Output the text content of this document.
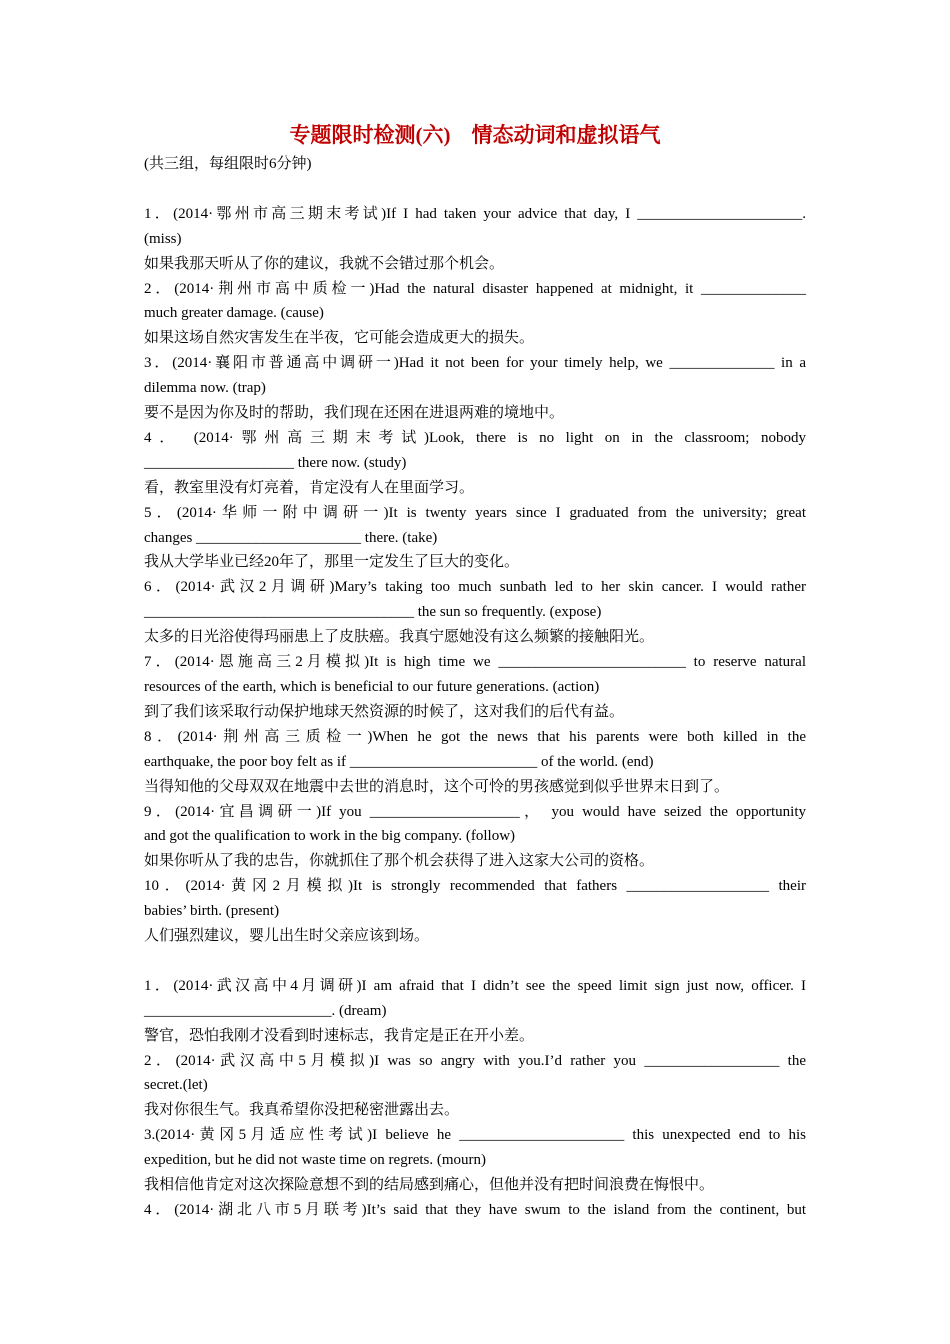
专题限时检测(六)　情态动词和虚拟语气
(共三组，每组限时6分钟)
1．(2014·鄂州市高三期末考试)If I had taken your advice that day, I ______________________.
(miss)
如果我那天听从了你的建议，我就不会错过那个机会。
2．(2014·荆州市高中质检一)Had the natural disaster happened at midnight, it ______________
much greater damage. (cause)
如果这场自然灾害发生在半夜，它可能会造成更大的损失。
3．(2014·襄阳市普通高中调研一)Had it not been for your timely help, we ______________ in a
dilemma now. (trap)
要不是因为你及时的帮助，我们现在还困在进退两难的境地中。
4． (2014·鄂州高三期末考试)Look, there is no light on in the classroom; nobody
____________________ there now. (study)
看，教室里没有灯亮着，肯定没有人在里面学习。
5．(2014·华师一附中调研一)It is twenty years since I graduated from the university; great
changes ______________________ there. (take)
我从大学毕业已经20年了，那里一定发生了巨大的变化。
6．(2014·武汉2月调研)Mary’s taking too much sunbath led to her skin cancer. I would rather
____________________________________ the sun so frequently. (expose)
太多的日光浴使得玛丽患上了皮肤癌。我真宁愿她没有这么频繁的接触阳光。
7．(2014·恩施高三2月模拟)It is high time we _________________________ to reserve natural
resources of the earth, which is beneficial to our future generations. (action)
到了我们该采取行动保护地球天然资源的时候了，这对我们的后代有益。
8．(2014·荆州高三质检一)When he got the news that his parents were both killed in the
earthquake, the poor boy felt as if _________________________ of the world. (end)
当得知他的父母双双在地震中去世的消息时，这个可怜的男孩感觉到似乎世界末日到了。
9．(2014·宜昌调研一)If you ____________________， you would have seized the opportunity
and got the qualification to work in the big company. (follow)
如果你听从了我的忠告，你就抓住了那个机会获得了进入这家大公司的资格。
10．(2014·黄冈2月模拟)It is strongly recommended that fathers ___________________ their
babies’ birth. (present)
人们强烈建议，婴儿出生时父亲应该到场。
1．(2014·武汉高中4月调研)I am afraid that I didn’t see the speed limit sign just now, officer. I
_________________________. (dream)
警官，恐怕我刚才没看到时速标志，我肯定是正在开小差。
2．(2014·武汉高中5月模拟)I was so angry with you.I’d rather you __________________ the
secret.(let)
我对你很生气。我真希望你没把秘密泄露出去。
3.(2014·黄冈5月适应性考试)I believe he ______________________ this unexpected end to his
expedition, but he did not waste time on regrets. (mourn)
我相信他肯定对这次探险意想不到的结局感到痛心，但他并没有把时间浪费在悔恨中。
4．(2014·湖北八市5月联考)It’s said that they have swum to the island from the continent, but
